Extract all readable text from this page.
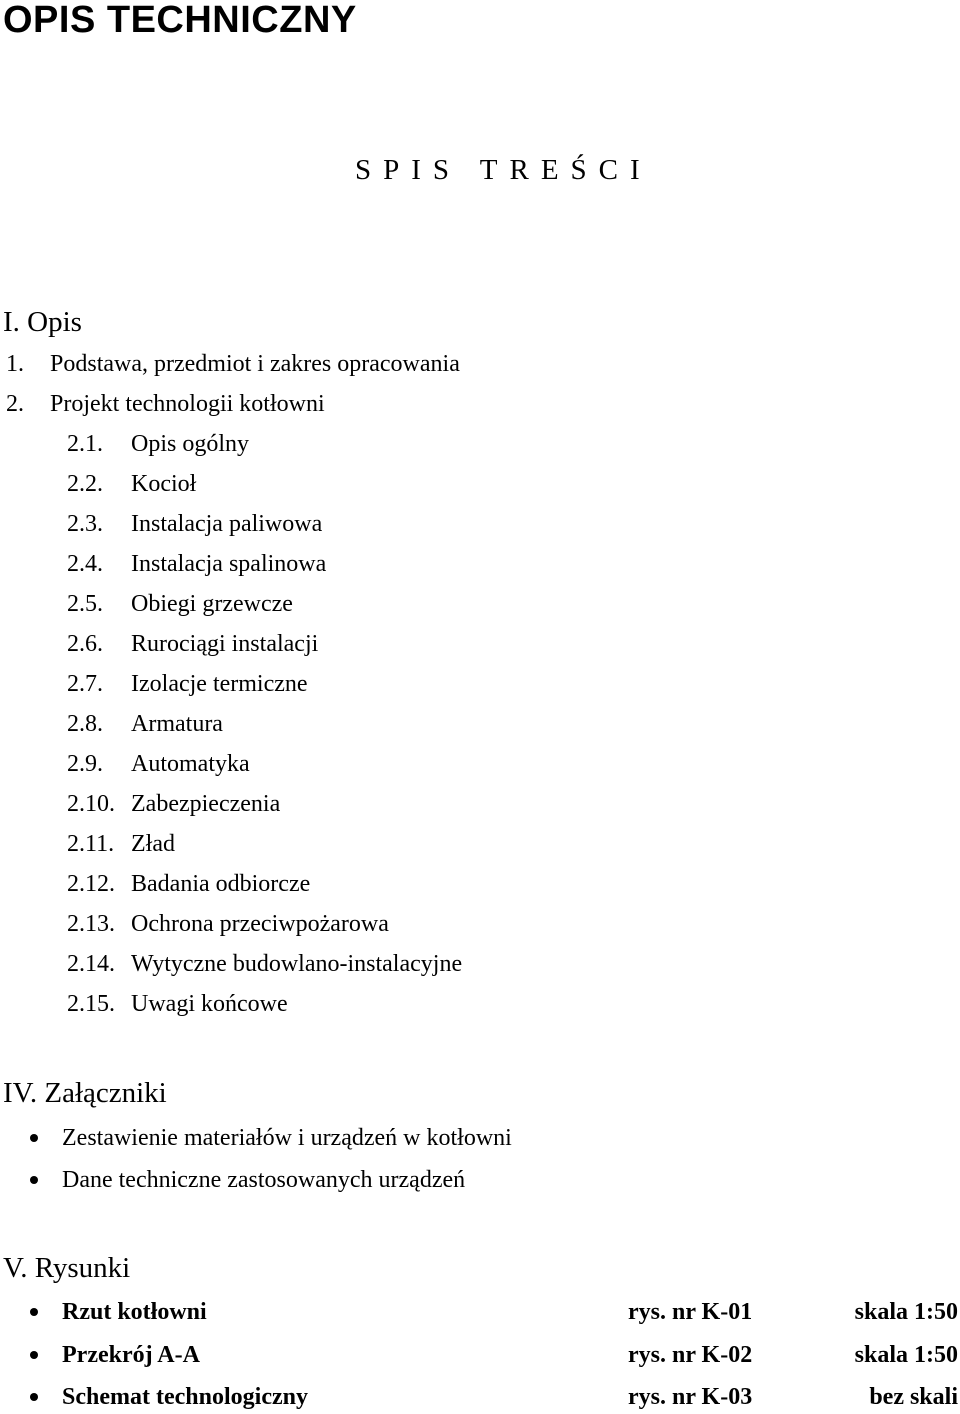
OPIS TECHNICZNY
SPIS TREŚCI
I. Opis
1. Podstawa, przedmiot i zakres opracowania
2. Projekt technologii kotłowni
2.1. Opis ogólny
2.2. Kocioł
2.3. Instalacja paliwowa
2.4. Instalacja spalinowa
2.5. Obiegi grzewcze
2.6. Rurociągi instalacji
2.7. Izolacje termiczne
2.8. Armatura
2.9. Automatyka
2.10. Zabezpieczenia
2.11. Zład
2.12. Badania odbiorcze
2.13. Ochrona przeciwpożarowa
2.14. Wytyczne budowlano-instalacyjne
2.15. Uwagi końcowe
IV. Załączniki
Zestawienie materiałów i urządzeń w kotłowni
Dane techniczne zastosowanych urządzeń
V. Rysunki
Rzut kotłowni	rys. nr K-01	skala 1:50
Przekrój A-A	rys. nr K-02	skala 1:50
Schemat technologiczny	rys. nr K-03	bez skali
